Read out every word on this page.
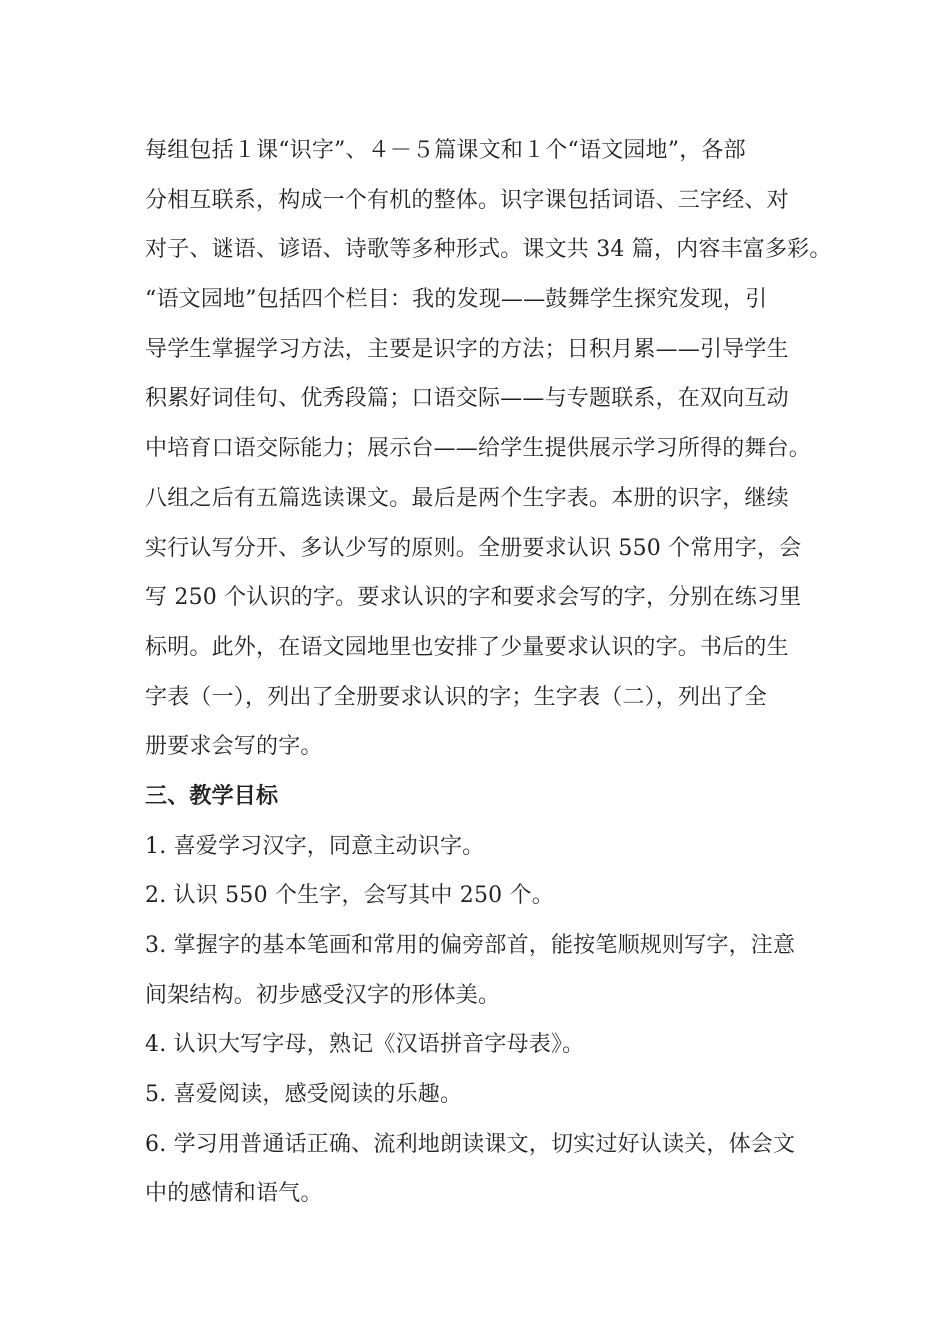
每组包括１课“识字”、４－５篇课文和１个“语文园地”，各部
分相互联系，构成一个有机的整体。识字课包括词语、三字经、对
对子、谜语、谚语、诗歌等多种形式。课文共 34 篇，内容丰富多彩。
“语文园地”包括四个栏目：我的发现——鼓舞学生探究发现，引
导学生掌握学习方法，主要是识字的方法；日积月累——引导学生
积累好词佳句、优秀段篇；口语交际——与专题联系，在双向互动
中培育口语交际能力；展示台——给学生提供展示学习所得的舞台。
八组之后有五篇选读课文。最后是两个生字表。本册的识字，继续
实行认写分开、多认少写的原则。全册要求认识 550 个常用字，会
写 250 个认识的字。要求认识的字和要求会写的字，分别在练习里
标明。此外，在语文园地里也安排了少量要求认识的字。书后的生
字表（一），列出了全册要求认识的字；生字表（二），列出了全
册要求会写的字。
三、教学目标
1. 喜爱学习汉字，同意主动识字。
2. 认识 550 个生字，会写其中 250 个。
3. 掌握字的基本笔画和常用的偏旁部首，能按笔顺规则写字，注意
间架结构。初步感受汉字的形体美。
4. 认识大写字母，熟记《汉语拼音字母表》。
5. 喜爱阅读，感受阅读的乐趣。
6. 学习用普通话正确、流利地朗读课文，切实过好认读关，体会文
中的感情和语气。
